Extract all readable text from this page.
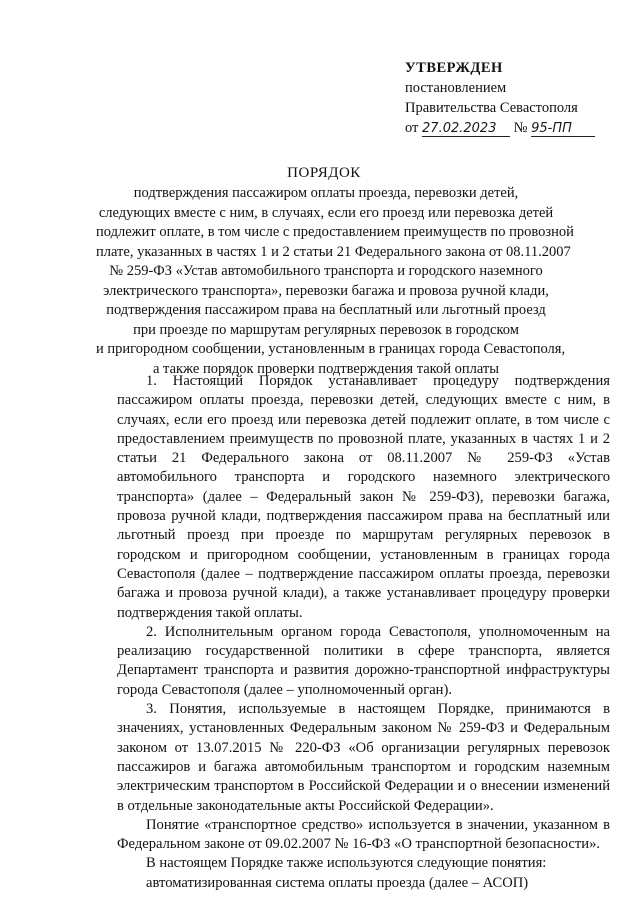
УТВЕРЖДЕН
постановлением
Правительства Севастополя
от 27.02.2023 № 95-ПП
ПОРЯДОК
подтверждения пассажиром оплаты проезда, перевозки детей,
следующих вместе с ним, в случаях, если его проезд или перевозка детей
подлежит оплате, в том числе с предоставлением преимуществ по провозной
плате, указанных в частях 1 и 2 статьи 21 Федерального закона от 08.11.2007
№ 259-ФЗ «Устав автомобильного транспорта и городского наземного
электрического транспорта», перевозки багажа и провоза ручной клади,
подтверждения пассажиром права на бесплатный или льготный проезд
при проезде по маршрутам регулярных перевозок в городском
и пригородном сообщении, установленным в границах города Севастополя,
а также порядок проверки подтверждения такой оплаты

1. Настоящий Порядок устанавливает процедуру подтверждения пассажиром оплаты проезда, перевозки детей, следующих вместе с ним, в случаях, если его проезд или перевозка детей подлежит оплате, в том числе с предоставлением преимуществ по провозной плате, указанных в частях 1 и 2 статьи 21 Федерального закона от 08.11.2007 № 259-ФЗ «Устав автомобильного транспорта и городского наземного электрического транспорта» (далее – Федеральный закон № 259-ФЗ), перевозки багажа, провоза ручной клади, подтверждения пассажиром права на бесплатный или льготный проезд при проезде по маршрутам регулярных перевозок в городском и пригородном сообщении, установленным в границах города Севастополя (далее – подтверждение пассажиром оплаты проезда, перевозки багажа и провоза ручной клади), а также устанавливает процедуру проверки подтверждения такой оплаты.

2. Исполнительным органом города Севастополя, уполномоченным на реализацию государственной политики в сфере транспорта, является Департамент транспорта и развития дорожно-транспортной инфраструктуры города Севастополя (далее – уполномоченный орган).

3. Понятия, используемые в настоящем Порядке, принимаются в значениях, установленных Федеральным законом № 259-ФЗ и Федеральным законом от 13.07.2015 № 220-ФЗ «Об организации регулярных перевозок пассажиров и багажа автомобильным транспортом и городским наземным электрическим транспортом в Российской Федерации и о внесении изменений в отдельные законодательные акты Российской Федерации».

Понятие «транспортное средство» используется в значении, указанном в Федеральном законе от 09.02.2007 № 16-ФЗ «О транспортной безопасности».

В настоящем Порядке также используются следующие понятия:

автоматизированная система оплаты проезда (далее – АСОП)
